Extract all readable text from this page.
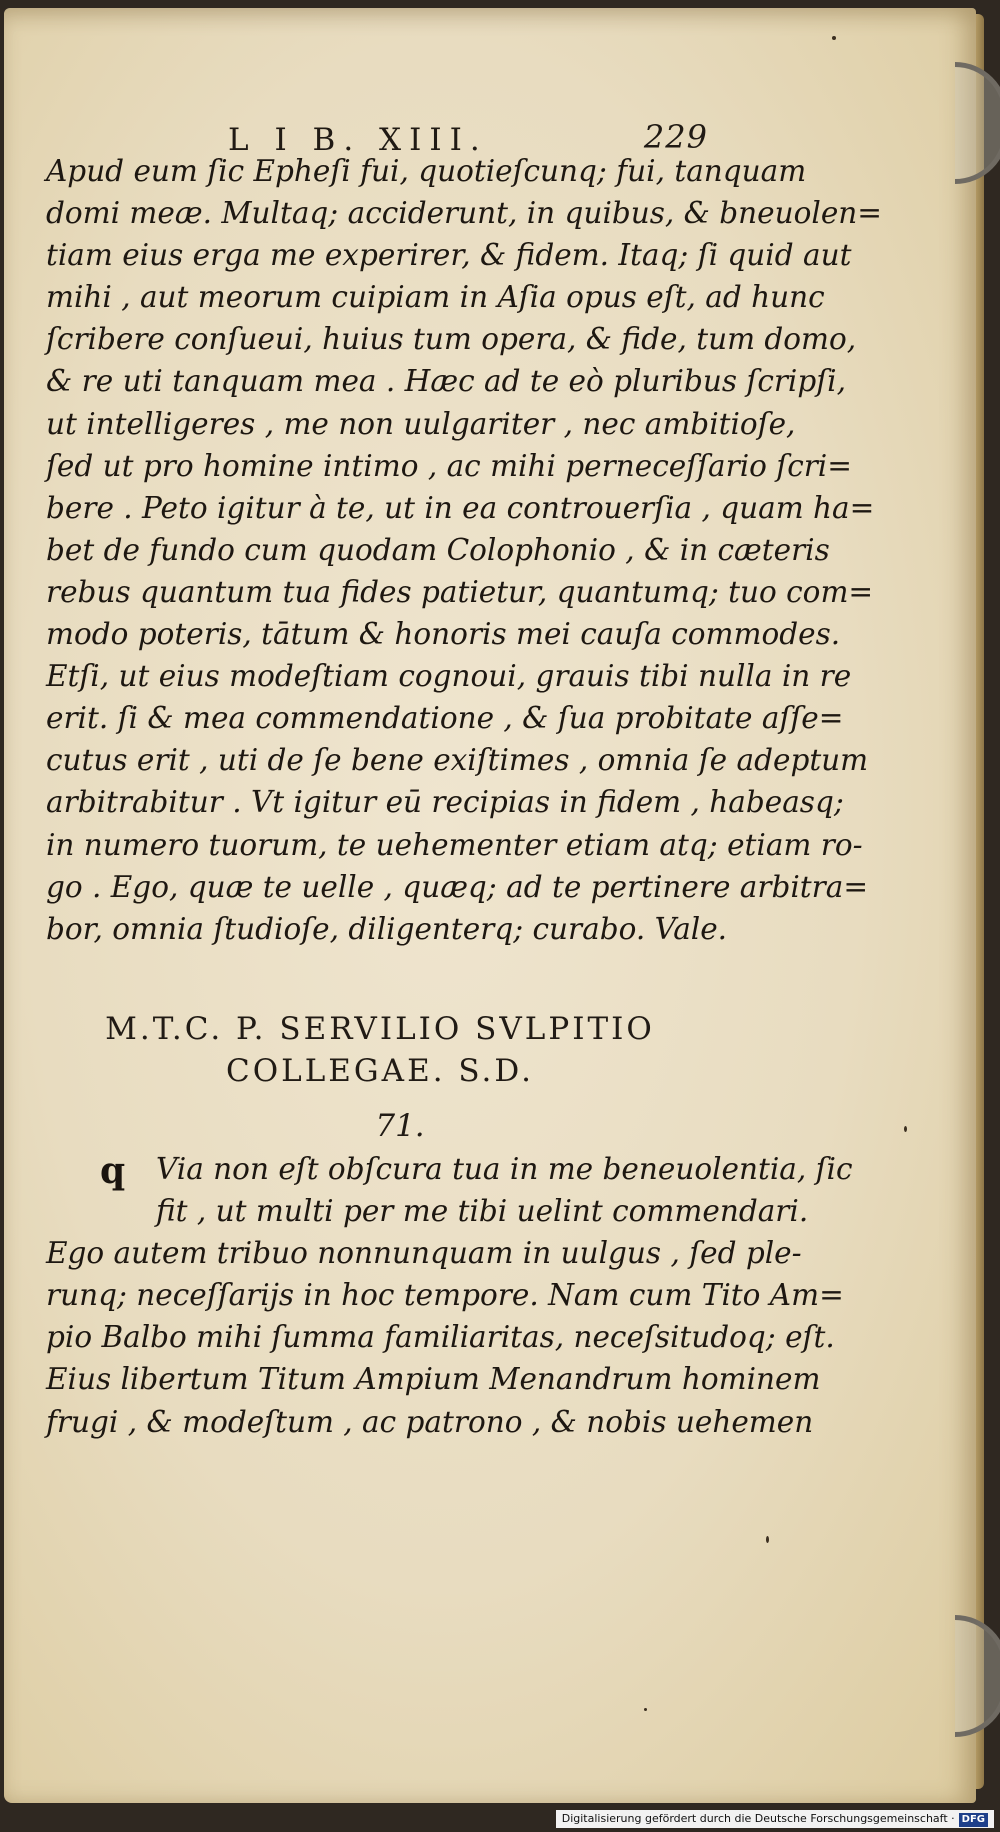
L I B. XIII.	229
Apud eum ſic Epheſi fui, quotieſcunq; fui, tanquam
domi meæ. Multaq; acciderunt, in quibus, & bneuolen=
tiam eius erga me experirer, & fidem. Itaq; ſi quid aut
mihi , aut meorum cuipiam in Aſia opus eſt, ad hunc
ſcribere conſueui, huius tum opera, & fide, tum domo,
& re uti tanquam mea . Hæc ad te eò pluribus ſcripſi,
ut intelligeres , me non uulgariter , nec ambitioſe,
ſed ut pro homine intimo , ac mihi perneceſſario ſcri=
bere . Peto igitur à te, ut in ea controuerſia , quam ha=
bet de fundo cum quodam Colophonio , & in cæteris
rebus quantum tua fides patietur, quantumq; tuo com=
modo poteris, tātum & honoris mei cauſa commodes.
Etſi, ut eius modeſtiam cognoui, grauis tibi nulla in re
erit. ſi & mea commendatione , & ſua probitate aſſe=
cutus erit , uti de ſe bene exiſtimes , omnia ſe adeptum
arbitrabitur . Vt igitur eū recipias in fidem , habeasq;
in numero tuorum, te uehementer etiam atq; etiam ro-
go . Ego, quæ te uelle , quæq; ad te pertinere arbitra=
bor, omnia ſtudioſe, diligenterq; curabo. Vale.
M.T.C. P. SERVILIO SVLPITIO
COLLEGAE. S.D.
71.
q	Via non eſt obſcura tua in me beneuolentia, ſic
fit , ut multi per me tibi uelint commendari.
Ego autem tribuo nonnunquam in uulgus , ſed ple-
runq; neceſſarijs in hoc tempore. Nam cum Tito Am=
pio Balbo mihi ſumma familiaritas, neceſsitudoq; eſt.
Eius libertum Titum Ampium Menandrum hominem
frugi , & modeſtum , ac patrono , & nobis uehemen
Digitalisierung gefördert durch die Deutsche Forschungsgemeinschaft · DFG
